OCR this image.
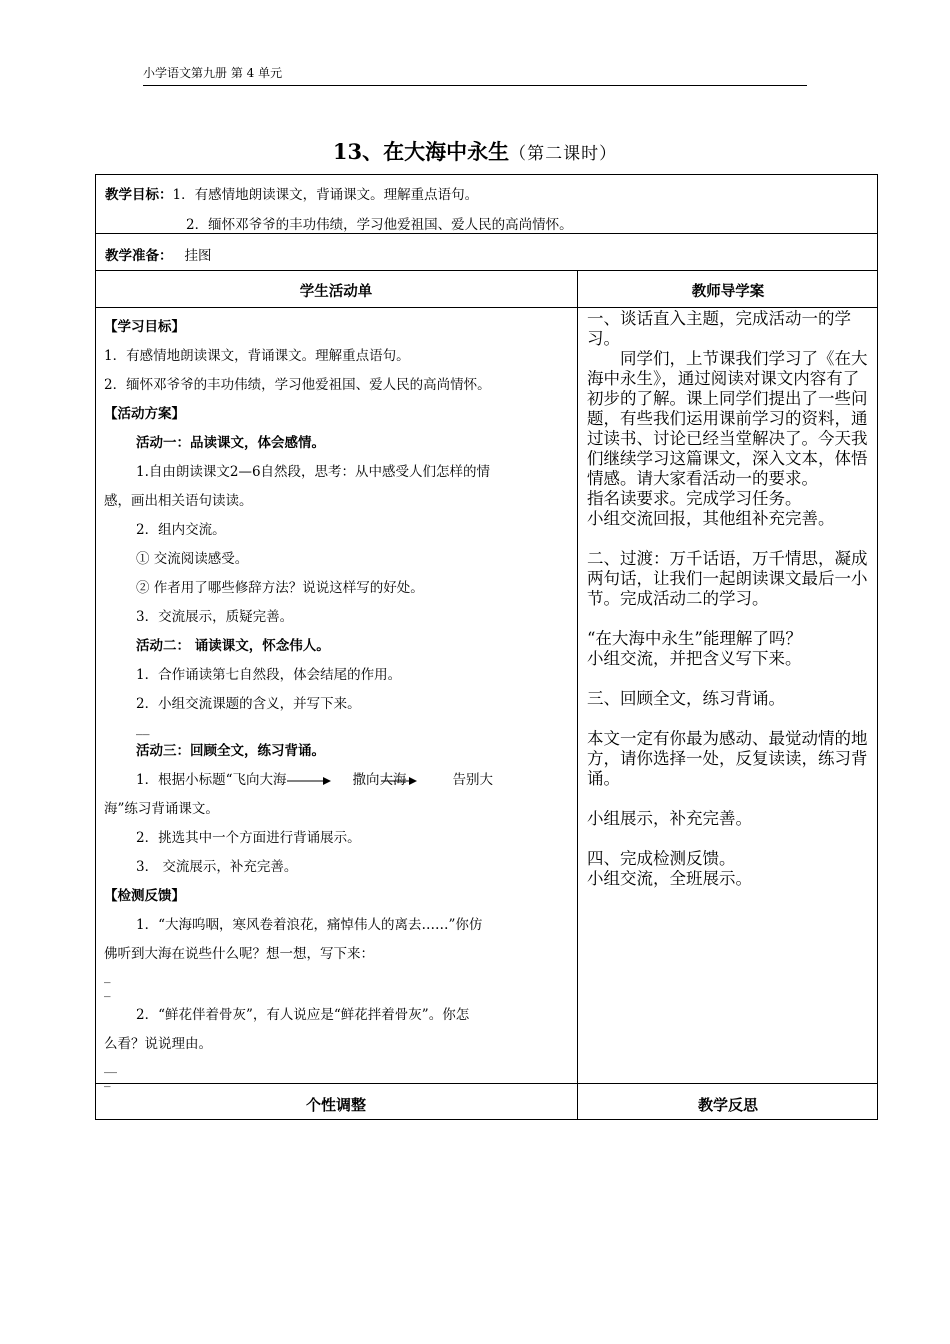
小学语文第九册 第 4 单元
13、在大海中永生（第二课时）
教学目标：1．有感情地朗读课文，背诵课文。理解重点语句。
2．缅怀邓爷爷的丰功伟绩，学习他爱祖国、爱人民的高尚情怀。
教学准备： 挂图
学生活动单	教师导学案
【学习目标】
1．有感情地朗读课文，背诵课文。理解重点语句。
2．缅怀邓爷爷的丰功伟绩，学习他爱祖国、爱人民的高尚情怀。
【活动方案】
活动一：品读课文，体会感情。
1.自由朗读课文2—6自然段，思考：从中感受人们怎样的情
感，画出相关语句读读。
2．组内交流。
① 交流阅读感受。
② 作者用了哪些修辞方法？说说这样写的好处。
3．交流展示，质疑完善。
活动二： 诵读课文，怀念伟人。
1．合作诵读第七自然段，体会结尾的作用。
2．小组交流课题的含义，并写下来。
__
活动三：回顾全文，练习背诵。
1．根据小标题“飞向大海	撒向大海	告别大
海”练习背诵课文。
2．挑选其中一个方面进行背诵展示。
3． 交流展示，补充完善。
【检测反馈】
1．“大海呜咽，寒风卷着浪花，痛悼伟人的离去……”你仿
佛听到大海在说些什么呢？想一想，写下来：
_
_
2．“鲜花伴着骨灰”，有人说应是“鲜花拌着骨灰”。你怎
么看？说说理由。
__
_

一、谈话直入主题，完成活动一的学习。

同学们，上节课我们学习了《在大海中永生》，通过阅读对课文内容有了初步的了解。课上同学们提出了一些问题，有些我们运用课前学习的资料，通过读书、讨论已经当堂解决了。今天我们继续学习这篇课文，深入文本，体悟情感。请大家看活动一的要求。

指名读要求。完成学习任务。

小组交流回报，其他组补充完善。

二、过渡：万千话语，万千情思，凝成两句话，让我们一起朗读课文最后一小节。完成活动二的学习。

“在大海中永生”能理解了吗？

小组交流，并把含义写下来。

三、回顾全文，练习背诵。

本文一定有你最为感动、最觉动情的地方，请你选择一处，反复读读，练习背诵。

小组展示，补充完善。

四、完成检测反馈。

小组交流，全班展示。

个性调整	教学反思
